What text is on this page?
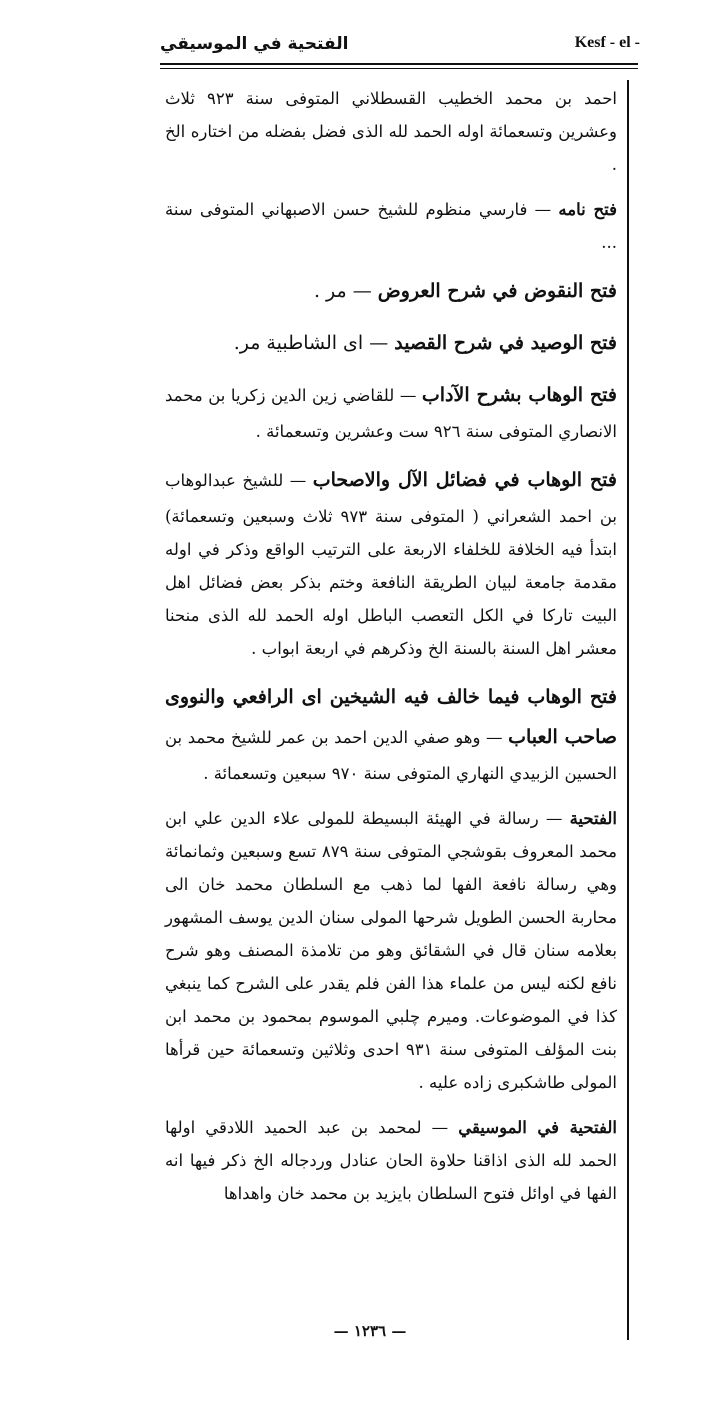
الفتحية في الموسيقي	Kesf - el -

احمد بن محمد الخطيب القسطلاني المتوفى سنة ٩٢٣ ثلاث وعشرين وتسعمائة اوله الحمد لله الذى فضل بفضله من اختاره الخ .

فتح نامه — فارسي منظوم للشيخ حسن الاصبهاني المتوفى سنة ...

فتح النقوض في شرح العروض — مر .

فتح الوصيد في شرح القصيد — اى الشاطبية مر.

فتح الوهاب بشرح الآداب — للقاضي زين الدين زكريا بن محمد الانصاري المتوفى سنة ٩٢٦ ست وعشرين وتسعمائة .

فتح الوهاب في فضائل الآل والاصحاب — للشيخ عبدالوهاب بن احمد الشعراني ( المتوفى سنة ٩٧٣ ثلاث وسبعين وتسعمائة) ابتدأ فيه الخلافة للخلفاء الاربعة على الترتيب الواقع وذكر في اوله مقدمة جامعة لبيان الطريقة النافعة وختم بذكر بعض فضائل اهل البيت تاركا في الكل التعصب الباطل اوله الحمد لله الذى منحنا معشر اهل السنة بالسنة الخ وذكرهم في اربعة ابواب .

فتح الوهاب فيما خالف فيه الشيخين اى الرافعي والنووى صاحب العباب — وهو صفي الدين احمد بن عمر للشيخ محمد بن الحسين الزبيدي النهاري المتوفى سنة ٩٧٠ سبعين وتسعمائة .

الفتحية — رسالة في الهيئة البسيطة للمولى علاء الدين علي ابن محمد المعروف بقوشجي المتوفى سنة ٨٧٩ تسع وسبعين وثمانمائة وهي رسالة نافعة الفها لما ذهب مع السلطان محمد خان الى محاربة الحسن الطويل شرحها المولى سنان الدين يوسف المشهور بعلامه سنان قال في الشقائق وهو من تلامذة المصنف وهو شرح نافع لكنه ليس من علماء هذا الفن فلم يقدر على الشرح كما ينبغي كذا في الموضوعات. وميرم چلبي الموسوم بمحمود بن محمد ابن بنت المؤلف المتوفى سنة ٩٣١ احدى وثلاثين وتسعمائة حين قرأها المولى طاشكبرى زاده عليه .

الفتحية في الموسيقي — لمحمد بن عبد الحميد اللادقي اولها الحمد لله الذى اذاقنا حلاوة الحان عنادل وردجاله الخ ذكر فيها انه الفها في اوائل فتوح السلطان بايزيد بن محمد خان واهداها

— ١٢٣٦ —
